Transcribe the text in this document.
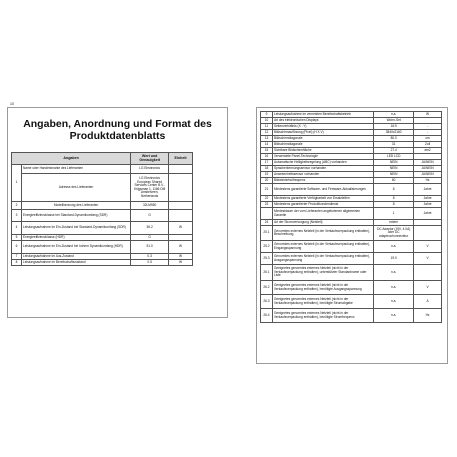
10
Angaben, Anordnung und Format des
Produktdatenblatts
Angaben		Wert und Genauigkeit	Einheit
1	Name oder Handelsmarke des Lieferanten	LG Electronics	
	Adresse des Lieferanten	LG Electronics European Shared Services Center B.V., Krijgsman 1, 1186 DM Amstelveen, Netherlands	
2	Modellkennung des Lieferanten	32LM550	
3	Energieeffizienzklasse bei Standard-Dynamikumfang (SDR)	G	
4	Leistungsaufnahme im Ein-Zustand bei Standard-Dynamikumfang (SDR)	36.2	W
5	Energieeffizienzklasse (HDR)	G	
6	Leistungsaufnahme im Ein-Zustand bei hohem Dynamikumfang (HDR)	51.0	W
7	Leistungsaufnahme im Aus-Zustand	0.3	W
8	Leistungsaufnahme im Bereitschaftszustand	0.5	W
9	Leistungsaufnahme im vernetzten Bereitschaftsbetrieb	n.a.	W
10	Art des elektronischen Displays	Wohn-Set	
11	Seitenverhältnis (X : Y)	16:9	-
12	Bildschirmauflösung (Pixel) (H X V)	3840x2160	-
13	Bildschirmdiagonale	80.0	cm
14	Bildschirmdiagonale	31	Zoll
15	Sichtbare Bildschirmfläche	27.4	dm2
16	Verwendete Panel-Technologie	LED LCD	
17	Automatische Helligkeitsregelung (ABC) vorhanden	NEIN	JA/NEIN
18	Spracherkennungssensor vorhanden	NEIN	JA/NEIN
19	Anwesenheitssensor vorhanden	NEIN	JA/NEIN
20	Bildwiederholfrequenz	60	Hz
21	Mindestens garantierte Software- und Firmware-Aktualisierungen	8	Jahre
22	Mindestens garantierte Verfügbarkeit von Ersatzteilen	8	Jahre
23	Mindestens garantierter Produktkundendienst	8	Jahre
	Mindestdauer der vom Lieferanten angebotenen allgemeinen Garantie	1	Jahre
24	Art der Stromversorgung (Netzteil)	extern	
25.1	Genormtes externes Netzteil (in der Verkaufsverpackung enthalten), Beschreibung	DC Adaptor (19V, 4.0A) oder DC adapteur/connecteur	
25.2	Genormtes externes Netzteil (in der Verkaufsverpackung enthalten), Eingangsspannung	n.a.	V
25.3	Genormtes externes Netzteil (in der Verkaufsverpackung enthalten), Ausgangsspannung	19.0	V
26.1	Geeignetes genormtes externes Netzteil (nicht in der Verkaufsverpackung enthalten), unterstützter Standardname oder Liste	n.a.	
26.2	Geeignetes genormtes externes Netzteil (nicht in der Verkaufsverpackung enthalten), benötigte Ausgangsspannung	n.a.	V
26.3	Geeignetes genormtes externes Netzteil (nicht in der Verkaufsverpackung enthalten), benötigte Stromabgabe	n.a.	A
26.4	Geeignetes genormtes externes Netzteil (nicht in der Verkaufsverpackung enthalten), benötigte Stromfrequenz	n.a.	Hz
